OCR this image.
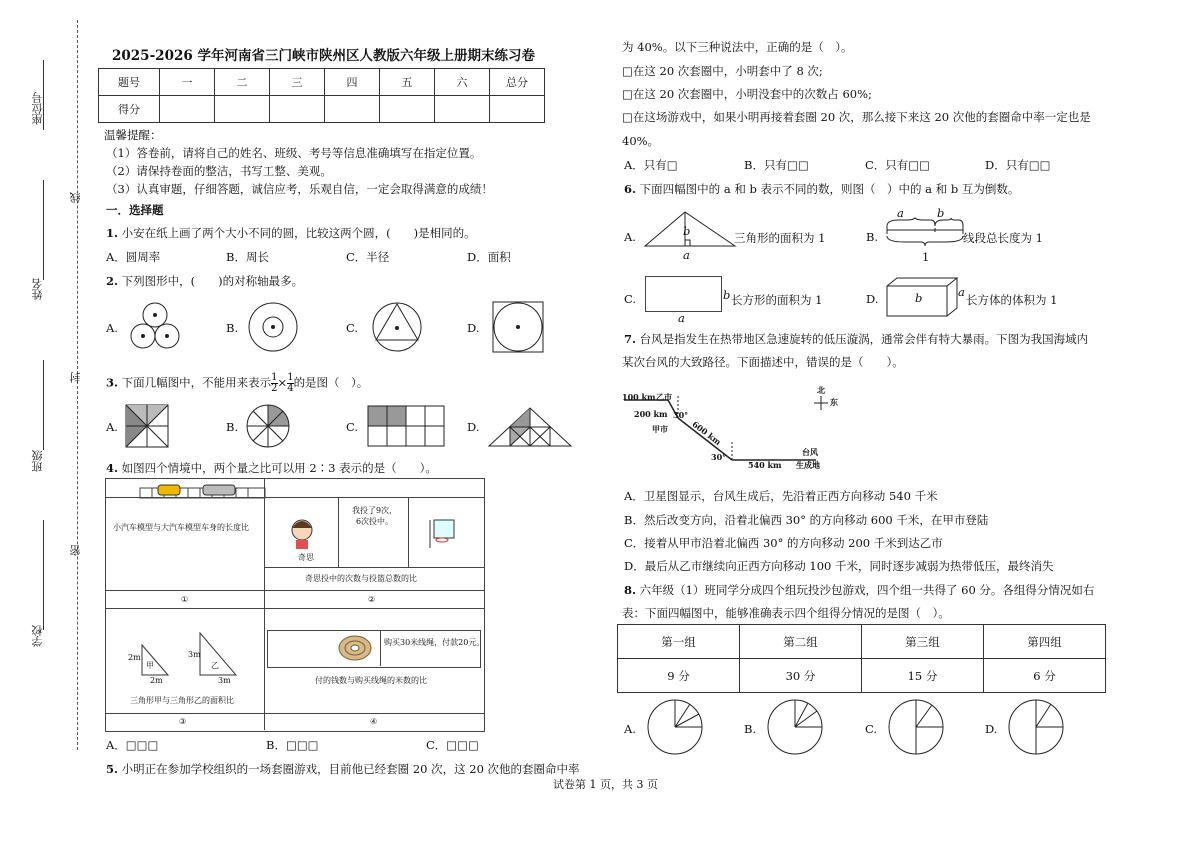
座位号
姓名
班级
学校
线
封
密
2025-2026 学年河南省三门峡市陕州区人教版六年级上册期末练习卷
题号	一	二	三	四	五	六	总分
得分							
温馨提醒：
（1）答卷前，请将自己的姓名、班级、考号等信息准确填写在指定位置。
（2）请保持卷面的整洁，书写工整、美观。
（3）认真审题，仔细答题，诚信应考，乐观自信，一定会取得满意的成绩！
一．选择题
1. 小安在纸上画了两个大小不同的圆，比较这两个圆，(　　)是相同的。
A．圆周率	B．周长	C．半径	D．面积
2. 下列图形中，(　　)的对称轴最多。
A.	B.	C.	D.
3. 下面几幅图中，不能用来表示$\frac{1}{2}\times\frac{1}{4}$的是图（　）。
A.	B.	C.	D.
4. 如图四个情境中，两个量之比可以用 2∶3 表示的是（　　）。
小汽车模型与大汽车模型车身的长度比
①
奇思
我投了9次，
6次投中。
奇思投中的次数与投篮总数的比
②
2m
2m
3m
3m
甲	乙
三角形甲与三角形乙的面积比
③
购买30米线绳，付款20元。
付的钱数与购买线绳的米数的比
④
A．□□□	B．□□□	C．□□□
5. 小明正在参加学校组织的一场套圈游戏，目前他已经套圈 20 次，这 20 次他的套圈命中率
为 40%。以下三种说法中，正确的是（　）。
□在这 20 次套圈中，小明套中了 8 次;
□在这 20 次套圈中，小明没套中的次数占 60%;
□在这场游戏中，如果小明再接着套圈 20 次，那么接下来这 20 次他的套圈命中率一定也是
40%。
A．只有□	B．只有□□	C．只有□□	D．只有□□
6. 下面四幅图中的 a 和 b 表示不同的数，则图（　）中的 a 和 b 互为倒数。
A.	b
a
三角形的面积为 1	B.
a	b
1
线段总长度为 1
C.	b
a
长方形的面积为 1	D.	b	a
长方体的体积为 1
7. 台风是指发生在热带地区急速旋转的低压漩涡，通常会伴有特大暴雨。下图为我国海域内
某次台风的大致路径。下面描述中，错误的是（　　）。
100 km 乙市
200 km 30°
甲市	600 km
30°
540 km
台风
生成地
北
东
A．卫星图显示，台风生成后，先沿着正西方向移动 540 千米
B．然后改变方向，沿着北偏西 30° 的方向移动 600 千米，在甲市登陆
C．接着从甲市沿着北偏西 30° 的方向移动 200 千米到达乙市
D．最后从乙市继续向正西方向移动 100 千米，同时逐步减弱为热带低压，最终消失
8. 六年级（1）班同学分成四个组玩投沙包游戏，四个组一共得了 60 分。各组得分情况如右
表：下面四幅图中，能够准确表示四个组得分情况的是图（　）。
第一组	第二组	第三组	第四组
9 分	30 分	15 分	6 分
A.	B.	C.	D.
试卷第 1 页，共 3 页
